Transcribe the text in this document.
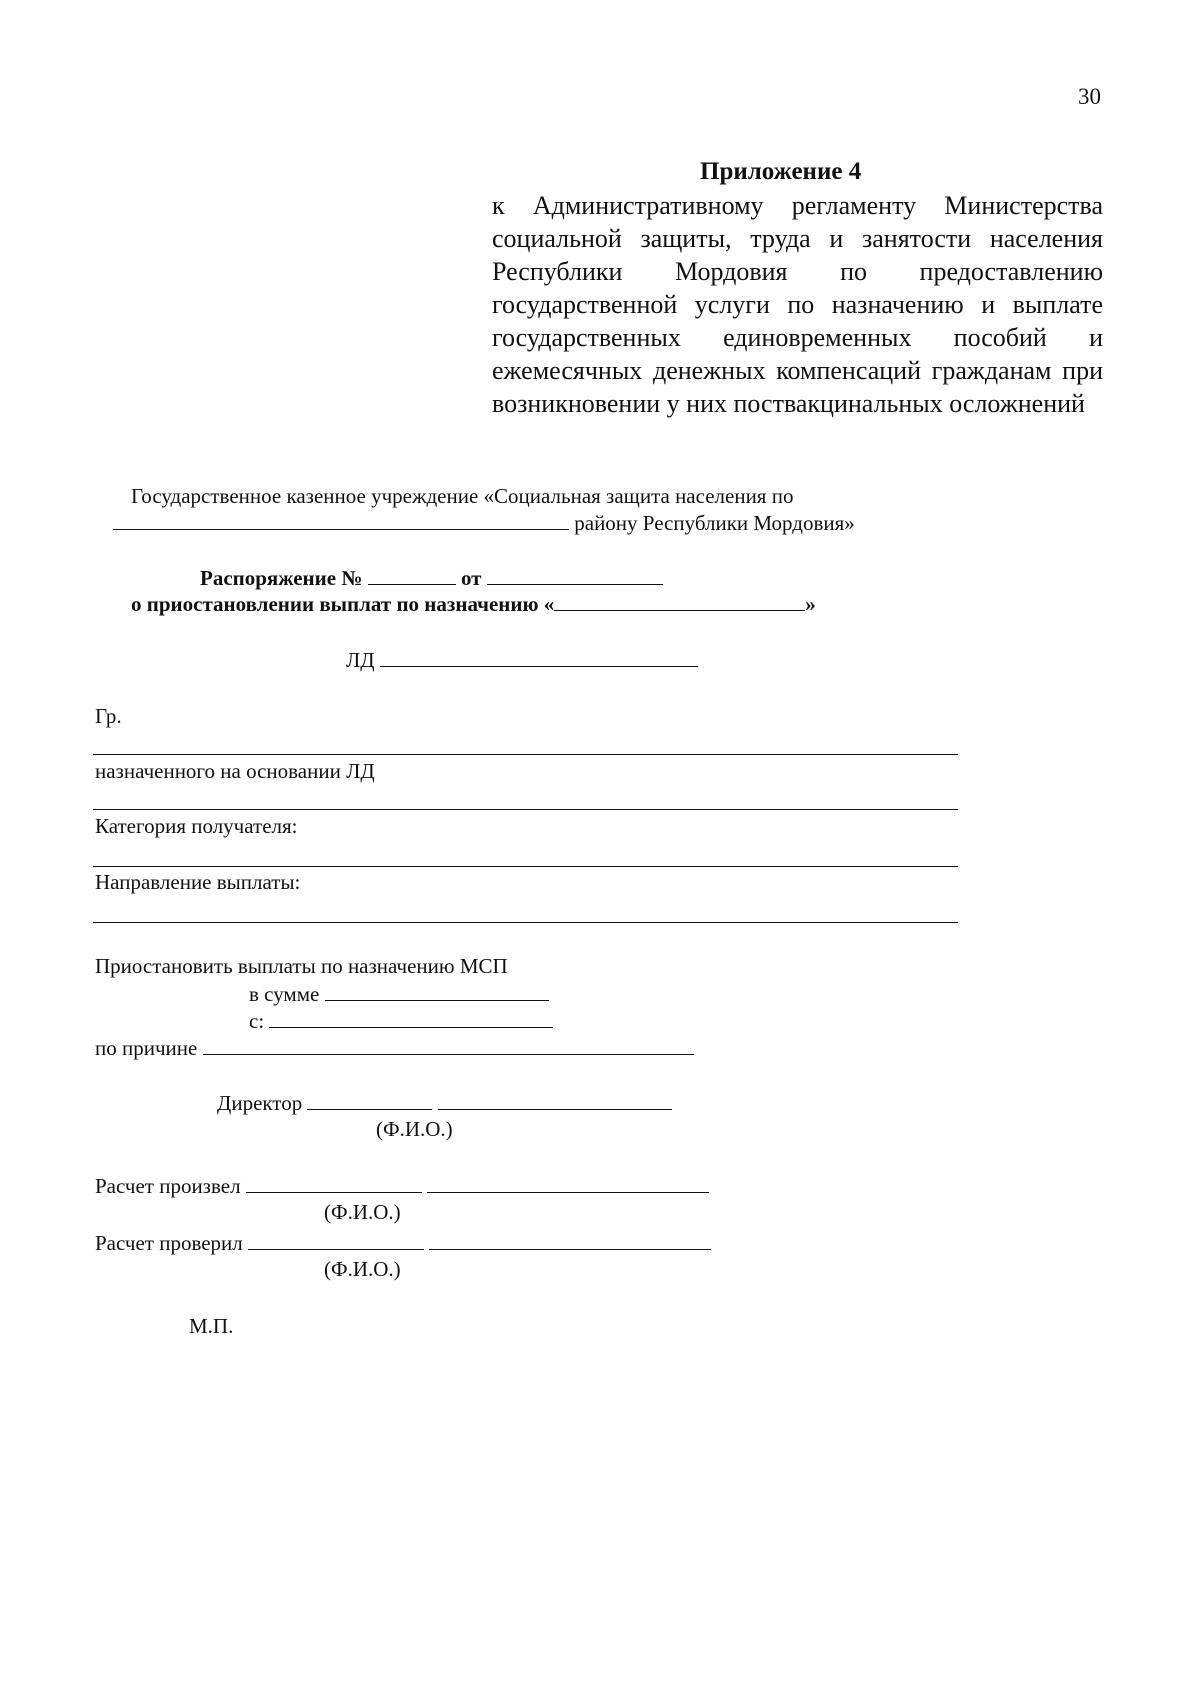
30
Приложение 4
к Административному регламенту Министерства социальной защиты, труда и занятости населения Республики Мордовия по предоставлению государственной услуги по назначению и выплате государственных единовременных пособий и ежемесячных денежных компенсаций гражданам при возникновении у них поствакцинальных осложнений
Государственное казенное учреждение «Социальная защита населения по
району Республики Мордовия»
Распоряжение №	от
о приостановлении выплат по назначению «	»
ЛД
Гр.
назначенного на основании ЛД
Категория получателя:
Направление выплаты:
Приостановить выплаты по назначению МСП
в сумме
с:
по причине
Директор
(Ф.И.О.)
Расчет произвел
(Ф.И.О.)
Расчет проверил
(Ф.И.О.)
М.П.
